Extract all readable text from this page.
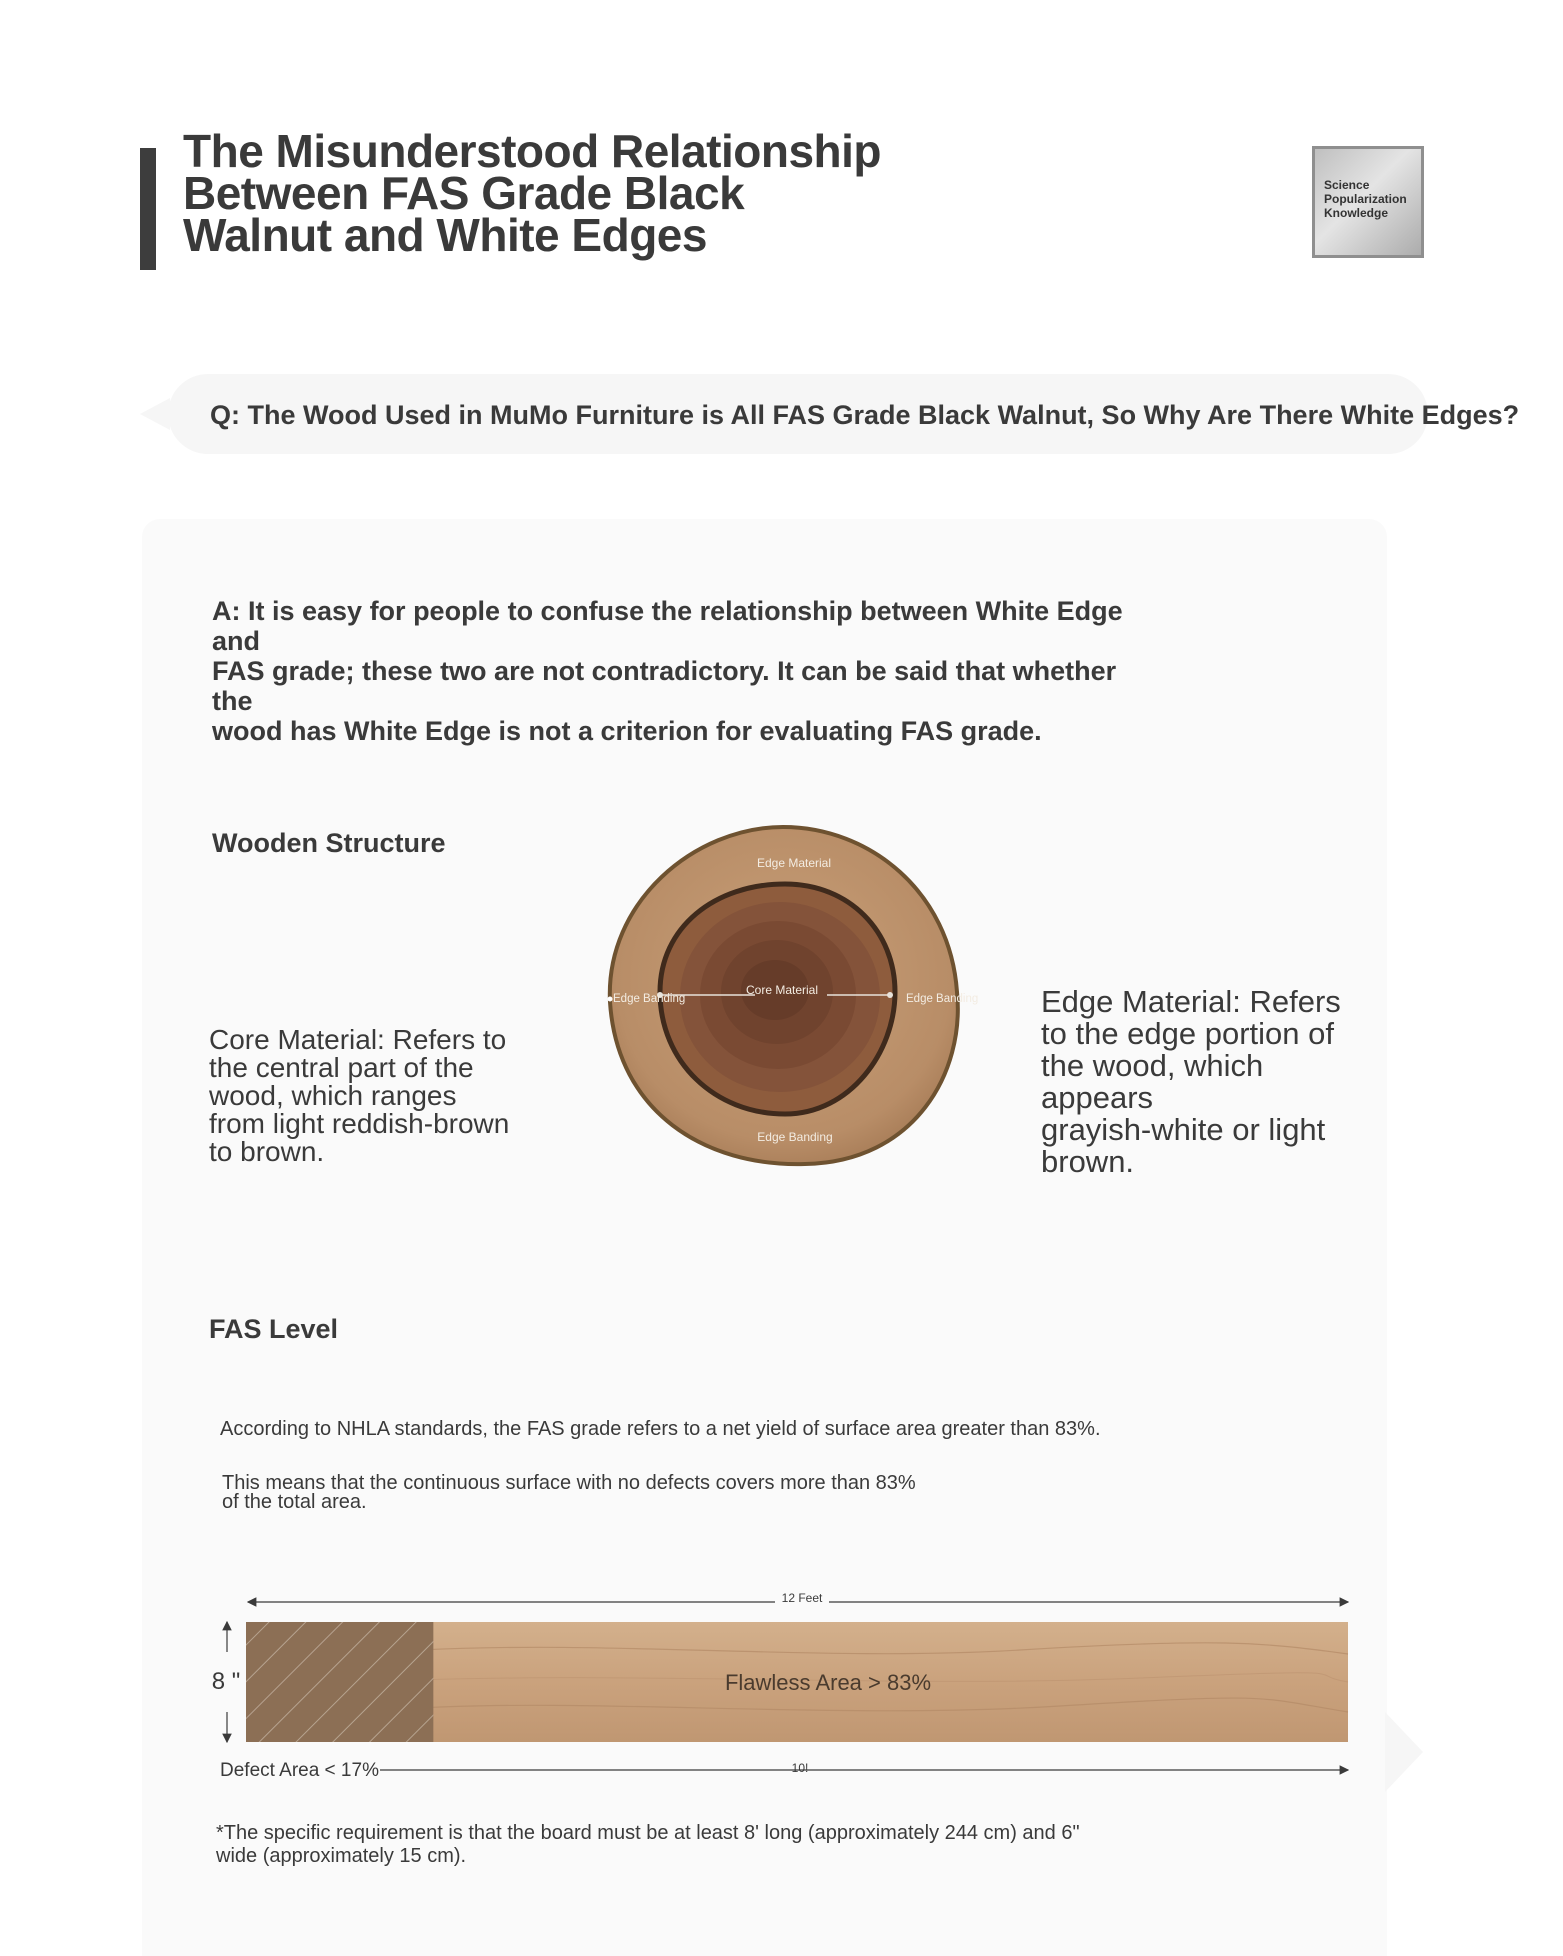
The Misunderstood Relationship
Between FAS Grade Black
Walnut and White Edges
Science
Popularization
Knowledge
Q: The Wood Used in MuMo Furniture is All FAS Grade Black Walnut, So Why Are There White Edges?
A: It is easy for people to confuse the relationship between White Edge and
FAS grade; these two are not contradictory. It can be said that whether the
wood has White Edge is not a criterion for evaluating FAS grade.
Wooden Structure
Core Material: Refers to
the central part of the
wood, which ranges
from light reddish-brown
to brown.
Edge Material: Refers
to the edge portion of
the wood, which
appears
grayish-white or light
brown.
Edge Material
Core Material
Edge Banding	Edge Banding
Edge Banding
FAS Level
According to NHLA standards, the FAS grade refers to a net yield of surface area greater than 83%.
This means that the continuous surface with no defects covers more than 83%
of the total area.
12 Feet
Flawless Area > 83%
8 "
10!
Defect Area < 17%
*The specific requirement is that the board must be at least 8' long (approximately 244 cm) and 6"
wide (approximately 15 cm).
